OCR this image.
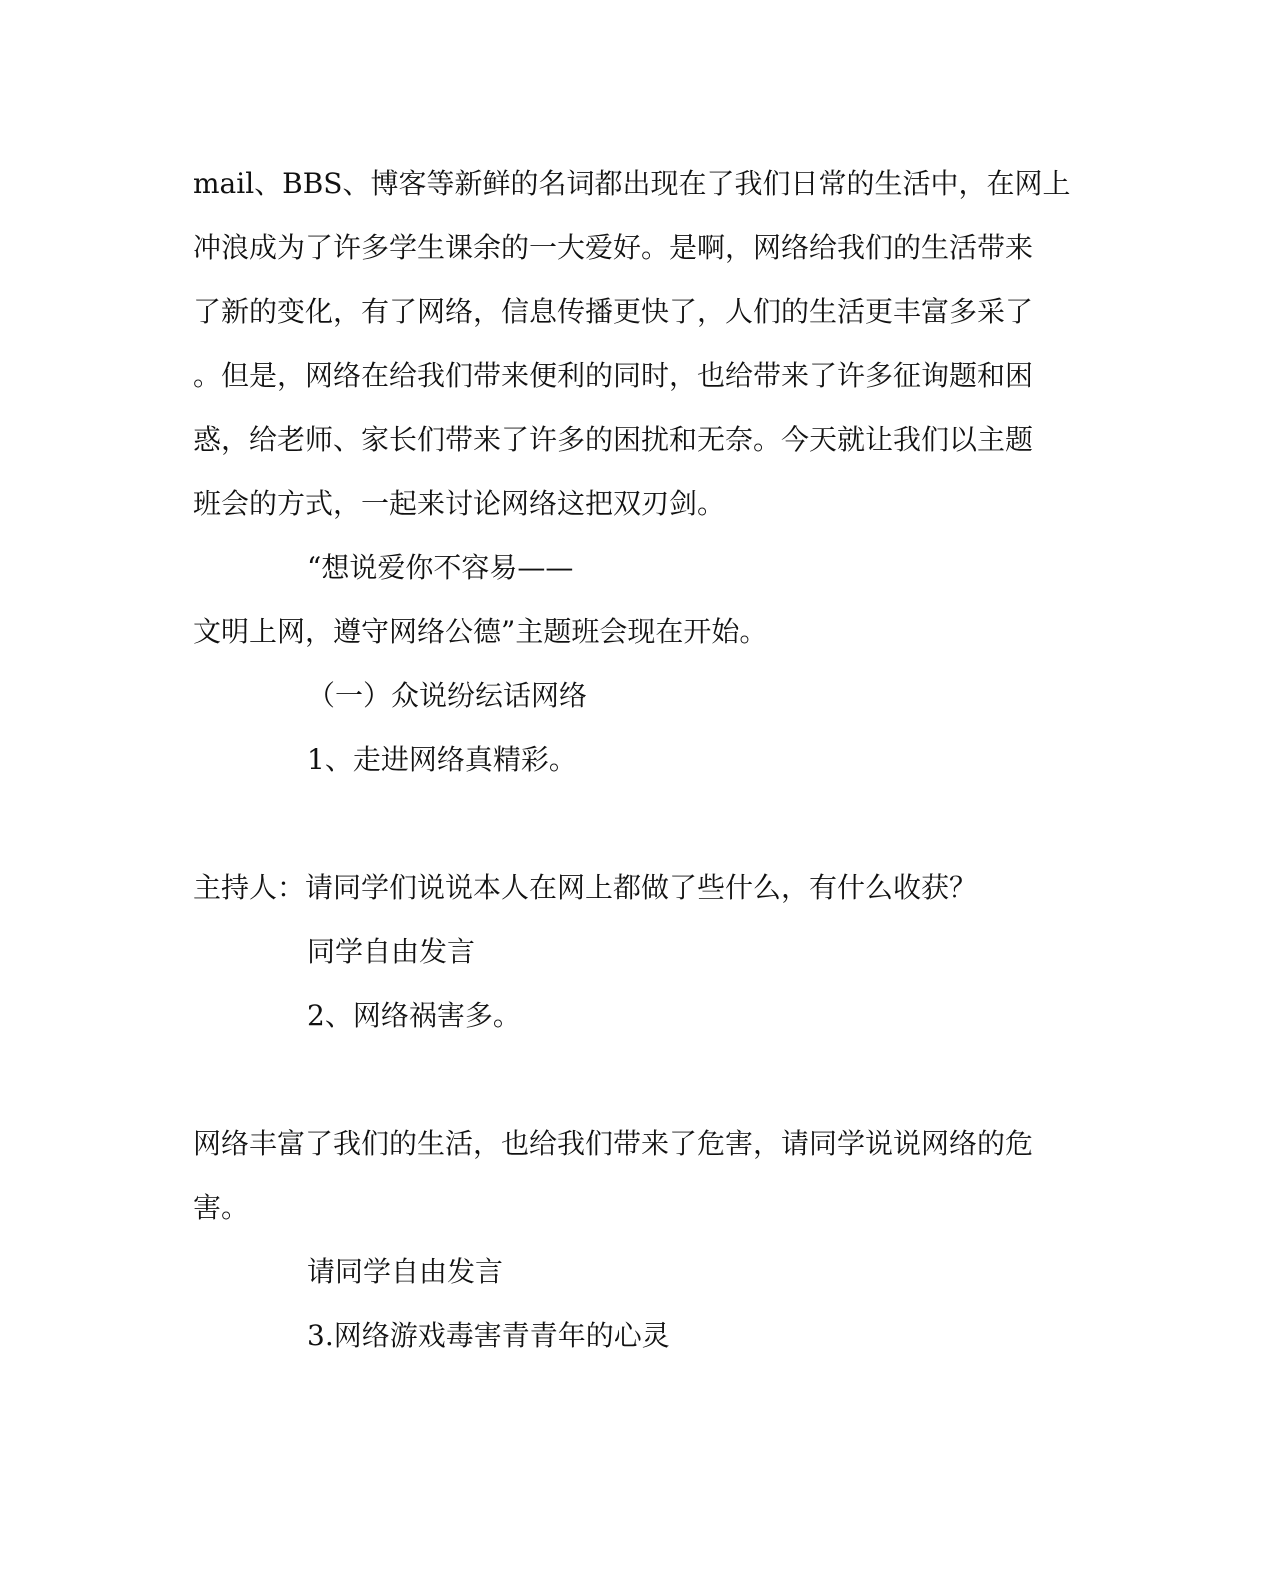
mail、BBS、博客等新鲜的名词都出现在了我们日常的生活中，在网上
冲浪成为了许多学生课余的一大爱好。是啊，网络给我们的生活带来
了新的变化，有了网络，信息传播更快了，人们的生活更丰富多采了
。但是，网络在给我们带来便利的同时，也给带来了许多征询题和困
惑，给老师、家长们带来了许多的困扰和无奈。今天就让我们以主题
班会的方式，一起来讨论网络这把双刃剑。
“想说爱你不容易——
文明上网，遵守网络公德”主题班会现在开始。
（一）众说纷纭话网络
1、走进网络真精彩。
主持人：请同学们说说本人在网上都做了些什么，有什么收获？
同学自由发言
2、网络祸害多。
网络丰富了我们的生活，也给我们带来了危害，请同学说说网络的危
害。
请同学自由发言
3.网络游戏毒害青青年的心灵
